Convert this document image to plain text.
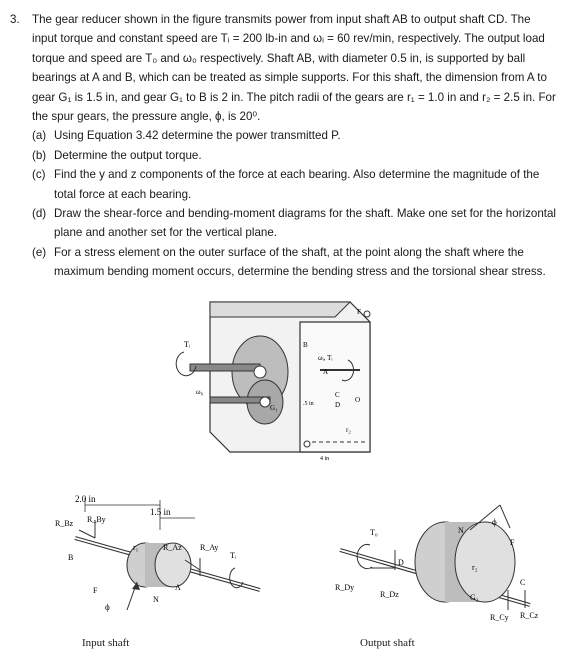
3. The gear reducer shown in the figure transmits power from input shaft AB to output shaft CD. The input torque and constant speed are Tᵢ = 200 lb-in and ωᵢ = 60 rev/min, respectively. The output load torque and speed are T₀ and ω₀ respectively. Shaft AB, with diameter 0.5 in, is supported by ball bearings at A and B, which can be treated as simple supports. For this shaft, the dimension from A to gear G₁ is 1.5 in, and gear G₁ to B is 2 in. The pitch radii of the gears are r₁ = 1.0 in and r₂ = 2.5 in. For the spur gears, the pressure angle, ϕ, is 20⁰.
(a) Using Equation 3.42 determine the power transmitted P.
(b) Determine the output torque.
(c) Find the y and z components of the force at each bearing. Also determine the magnitude of the total force at each bearing.
(d) Draw the shear-force and bending-moment diagrams for the shaft. Make one set for the horizontal plane and another set for the vertical plane.
(e) For a stress element on the outer surface of the shaft, at the point along the shaft where the maximum bending moment occurs, determine the bending stress and the torsional shear stress.
Tᵢ
ω₀
G₁
B
ωᵢ, Tᵢ
A
C
D
O
.5 in
4 in
F
r₂
2.0 in
1.5 in
R_Bz R_By
R_Az R_Ay
r₁
Tᵢ
B
A
F
N
ϕ
Input shaft
T₀
D
N
ϕ
F
r₂
G₂
C
R_Dy
R_Dz
R_Cy R_Cz
Output shaft
